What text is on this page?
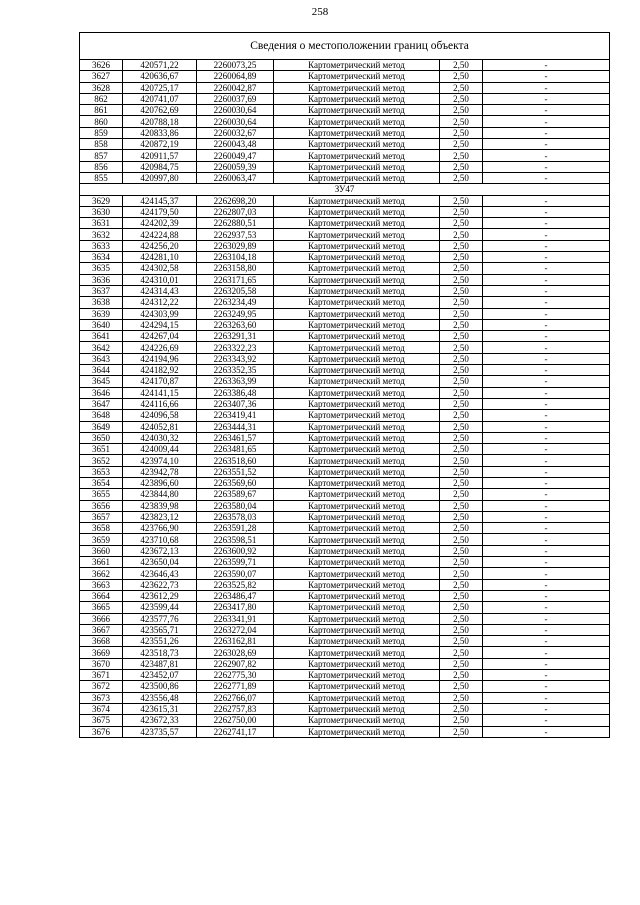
258
Сведения о местоположении границ объекта					
3626	420571,22	2260073,25	Картометрический метод	2,50	-
3627	420636,67	2260064,89	Картометрический метод	2,50	-
3628	420725,17	2260042,87	Картометрический метод	2,50	-
862	420741,07	2260037,69	Картометрический метод	2,50	-
861	420762,69	2260030,64	Картометрический метод	2,50	-
860	420788,18	2260030,64	Картометрический метод	2,50	-
859	420833,86	2260032,67	Картометрический метод	2,50	-
858	420872,19	2260043,48	Картометрический метод	2,50	-
857	420911,57	2260049,47	Картометрический метод	2,50	-
856	420984,75	2260059,39	Картометрический метод	2,50	-
855	420997,80	2260063,47	Картометрический метод	2,50	-
ЗУ47					
3629	424145,37	2262698,20	Картометрический метод	2,50	-
3630	424179,50	2262807,03	Картометрический метод	2,50	-
3631	424202,39	2262880,51	Картометрический метод	2,50	-
3632	424224,88	2262937,53	Картометрический метод	2,50	-
3633	424256,20	2263029,89	Картометрический метод	2,50	-
3634	424281,10	2263104,18	Картометрический метод	2,50	-
3635	424302,58	2263158,80	Картометрический метод	2,50	-
3636	424310,01	2263171,65	Картометрический метод	2,50	-
3637	424314,43	2263205,58	Картометрический метод	2,50	-
3638	424312,22	2263234,49	Картометрический метод	2,50	-
3639	424303,99	2263249,95	Картометрический метод	2,50	-
3640	424294,15	2263263,60	Картометрический метод	2,50	-
3641	424267,04	2263291,31	Картометрический метод	2,50	-
3642	424226,69	2263322,23	Картометрический метод	2,50	-
3643	424194,96	2263343,92	Картометрический метод	2,50	-
3644	424182,92	2263352,35	Картометрический метод	2,50	-
3645	424170,87	2263363,99	Картометрический метод	2,50	-
3646	424141,15	2263386,48	Картометрический метод	2,50	-
3647	424116,66	2263407,36	Картометрический метод	2,50	-
3648	424096,58	2263419,41	Картометрический метод	2,50	-
3649	424052,81	2263444,31	Картометрический метод	2,50	-
3650	424030,32	2263461,57	Картометрический метод	2,50	-
3651	424009,44	2263481,65	Картометрический метод	2,50	-
3652	423974,10	2263518,60	Картометрический метод	2,50	-
3653	423942,78	2263551,52	Картометрический метод	2,50	-
3654	423896,60	2263569,60	Картометрический метод	2,50	-
3655	423844,80	2263589,67	Картометрический метод	2,50	-
3656	423839,98	2263580,04	Картометрический метод	2,50	-
3657	423823,12	2263578,03	Картометрический метод	2,50	-
3658	423766,90	2263591,28	Картометрический метод	2,50	-
3659	423710,68	2263598,51	Картометрический метод	2,50	-
3660	423672,13	2263600,92	Картометрический метод	2,50	-
3661	423650,04	2263599,71	Картометрический метод	2,50	-
3662	423646,43	2263590,07	Картометрический метод	2,50	-
3663	423622,73	2263525,82	Картометрический метод	2,50	-
3664	423612,29	2263486,47	Картометрический метод	2,50	-
3665	423599,44	2263417,80	Картометрический метод	2,50	-
3666	423577,76	2263341,91	Картометрический метод	2,50	-
3667	423565,71	2263272,04	Картометрический метод	2,50	-
3668	423551,26	2263162,81	Картометрический метод	2,50	-
3669	423518,73	2263028,69	Картометрический метод	2,50	-
3670	423487,81	2262907,82	Картометрический метод	2,50	-
3671	423452,07	2262775,30	Картометрический метод	2,50	-
3672	423500,86	2262771,89	Картометрический метод	2,50	-
3673	423556,48	2262766,07	Картометрический метод	2,50	-
3674	423615,31	2262757,83	Картометрический метод	2,50	-
3675	423672,33	2262750,00	Картометрический метод	2,50	-
3676	423735,57	2262741,17	Картометрический метод	2,50	-
